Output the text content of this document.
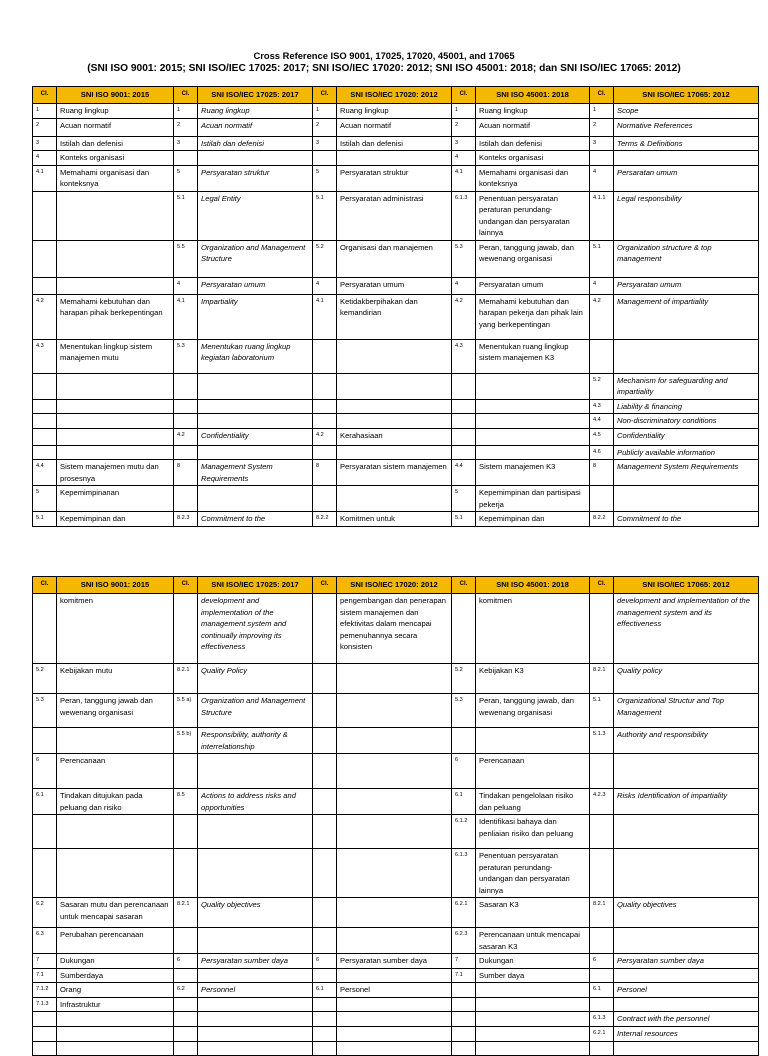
Cross Reference ISO 9001, 17025, 17020, 45001, and 17065
(SNI ISO 9001: 2015; SNI ISO/IEC 17025: 2017; SNI ISO/IEC 17020: 2012; SNI ISO 45001: 2018; dan SNI ISO/IEC 17065: 2012)
Cl.	SNI ISO 9001: 2015	Cl.	SNI ISO/IEC 17025: 2017	Cl.	SNI ISO/IEC 17020: 2012	Cl.	SNI ISO 45001: 2018	Cl.	SNI ISO/IEC 17065: 2012
1	Ruang lingkup	1	Ruang lingkup	1	Ruang lingkup	1	Ruang lingkup	1	Scope
2	Acuan normatif	2	Acuan normatif	2	Acuan normatif	2	Acuan normatif	2	Normative References
3	Istilah dan defenisi	3	Istilah dan defenisi	3	Istilah dan defenisi	3	Istilah dan defenisi	3	Terms & Definitions
4	Konteks organisasi					4	Konteks organisasi		
4.1	Memahami organisasi dan konteksnya	5	Persyaratan struktur	5	Persyaratan struktur	4.1	Memahami organisasi dan konteksnya	4	Persaratan umum
		5.1	Legal Entity	5.1	Persyaratan administrasi	6.1.3	Penentuan persyaratan peraturan perundang-undangan dan persyaratan lainnya	4.1.1	Legal responsibility
		5.5	Organization and Management Structure	5.2	Organisasi dan manajemen	5.3	Peran, tanggung jawab, dan wewenang organisasi	5.1	Organization structure & top management
		4	Persyaratan umum	4	Persyaratan umum	4	Persyaratan umum	4	Persyaratan umum
4.2	Memahami kebutuhan dan harapan pihak berkepentingan	4.1	Impartiality	4.1	Ketidakberpihakan dan kemandirian	4.2	Memahami kebutuhan dan harapan pekerja dan pihak lain yang berkepentingan	4.2	Management of impartiality
4.3	Menentukan lingkup sistem manajemen mutu	5.3	Menentukan ruang lingkup kegiatan laboratorium			4.3	Menentukan ruang lingkup sistem manajemen K3		
								5.2	Mechanism for safeguarding and impartiality
								4.3	Liability & financing
								4.4	Non-discriminatory conditions
		4.2	Confidentiality	4.2	Kerahasiaan			4.5	Confidentiality
								4.6	Publicly available information
4.4	Sistem manajemen mutu dan prosesnya	8	Management System Requirements	8	Persyaratan sistem manajemen	4.4	Sistem manajemen K3	8	Management System Requirements
5	Kepemimpinanan					5	Kepemimpinan dan partisipasi pekerja		
5.1	Kepemimpinan dan	8.2.3	Commitment to the	8.2.2	Komitmen untuk	5.1	Kepemimpinan dan	8.2.2	Commitment to the
Cl.	SNI ISO 9001: 2015	Cl.	SNI ISO/IEC 17025: 2017	Cl.	SNI ISO/IEC 17020: 2012	Cl.	SNI ISO 45001: 2018	Cl.	SNI ISO/IEC 17065: 2012
	komitmen		development and implementation of the management system and continually improving its effectiveness		pengembangan dan penerapan sistem manajemen dan efektivitas dalam mencapai pemenuhannya secara konsisten		komitmen		development and implementation of the management system and its effectiveness
5.2	Kebijakan mutu	8.2.1	Quality Policy			5.2	Kebijakan K3	8.2.1	Quality policy
5.3	Peran, tanggung jawab dan wewenang organisasi	5.5 a)	Organization and Management Structure			5.3	Peran, tanggung jawab, dan wewenang organisasi	5.1	Organizational Structur and Top Management
		5.5 b)	Responsibility, authority & interrelationship					5.1.3	Authority and responsibility
6	Perencanaan					6	Perencanaan		
6.1	Tindakan ditujukan pada peluang dan risiko	8.5	Actions to address risks and opportunities			6.1	Tindakan pengelolaan risiko dan peluang	4.2.3	Risks Identification of impartiality
						6.1.2	Identifikasi bahaya dan penliaian risiko dan peluang		
						6.1.3	Penentuan persyaratan peraturan perundang-undangan dan persyaratan lainnya		
6.2	Sasaran mutu dan perencanaan untuk mencapai sasaran	8.2.1	Quality objectives			6.2.1	Sasaran K3	8.2.1	Quality objectives
6.3	Perubahan perencanaan					6.2.3	Perencanaan untuk mencapai sasaran K3		
7	Dukungan	6	Persyaratan sumber daya	6	Persyaratan sumber daya	7	Dukungan	6	Persyaratan sumber daya
7.1	Sumberdaya					7.1	Sumber daya		
7.1.2	Orang	6.2	Personnel	6.1	Personel			6.1	Personel
7.1.3	Infrastruktur								
								6.1.3	Contract with the personnel
								6.2.1	Internal resources
